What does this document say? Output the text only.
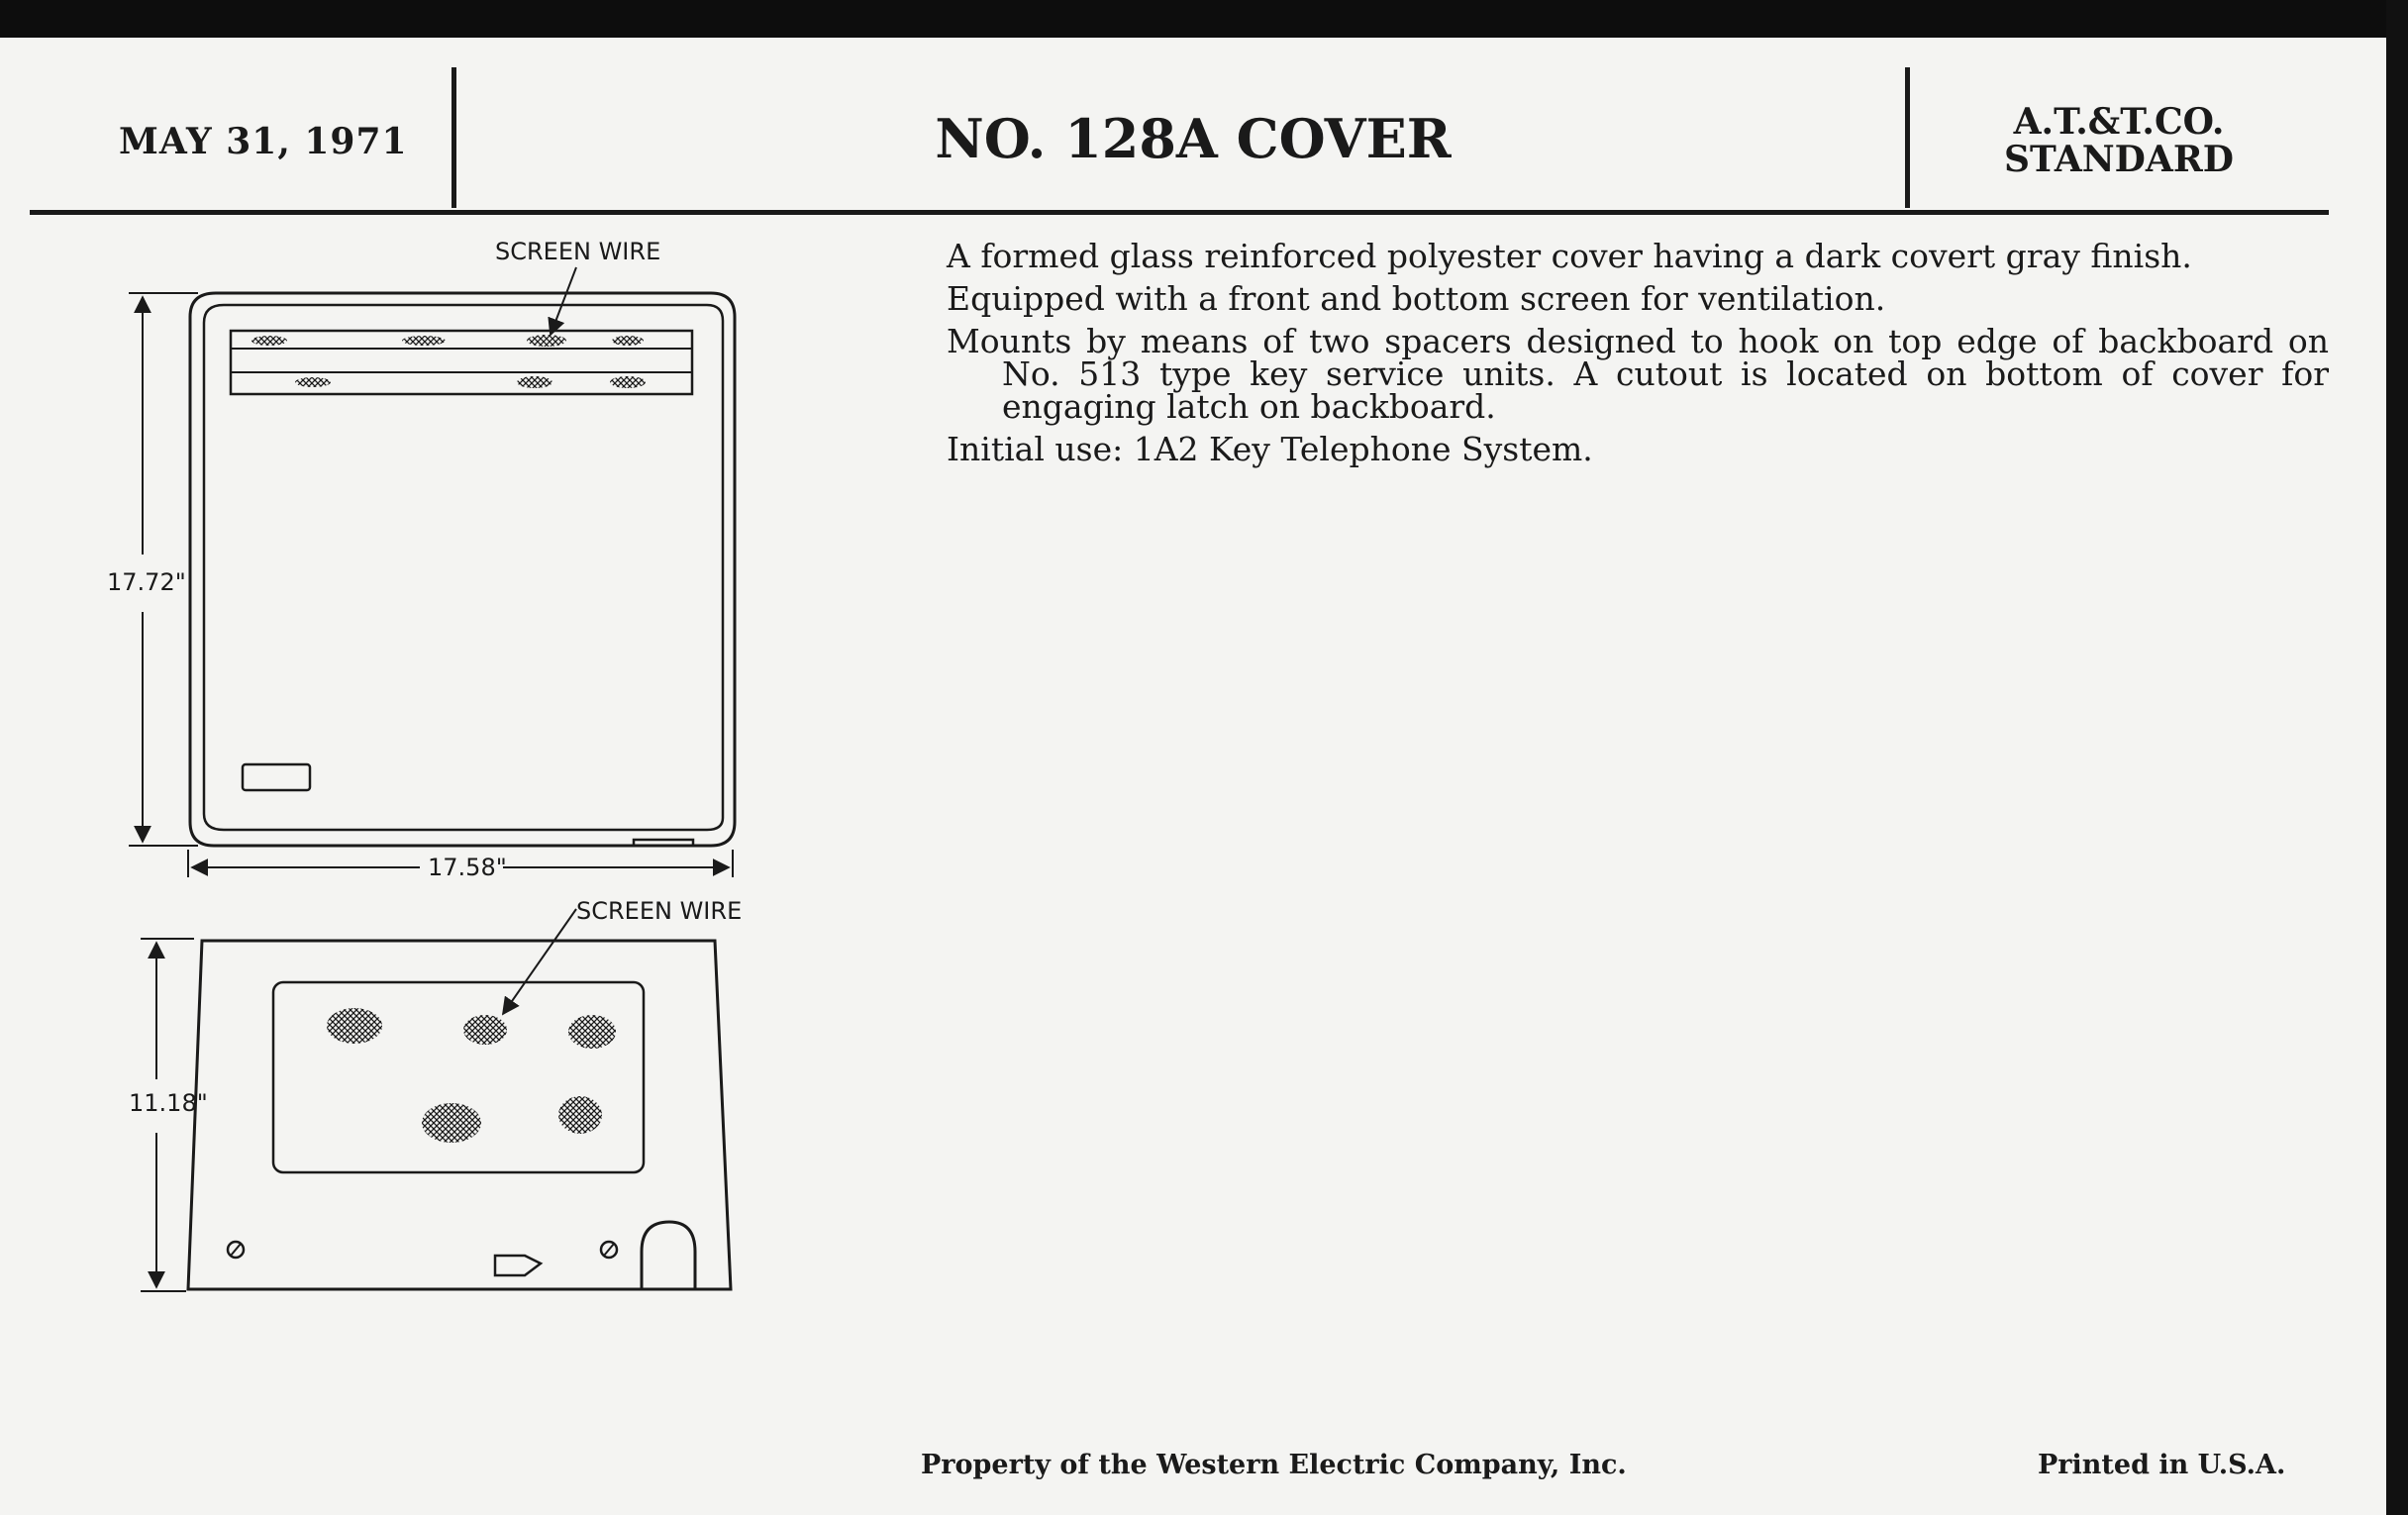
MAY 31, 1971	NO. 128A COVER	A.T.&T.CO.
STANDARD

A formed glass reinforced polyester cover having a dark covert gray finish.

Equipped with a front and bottom screen for ventilation.

Mounts by means of two spacers designed to hook on top edge of backboard on No. 513 type key service units. A cutout is located on bottom of cover for engaging latch on backboard.

Initial use: 1A2 Key Telephone System.

SCREEN WIRE
17.72"
17.58"
SCREEN WIRE
11.18"
Property of the Western Electric Company, Inc.	Printed in U.S.A.
